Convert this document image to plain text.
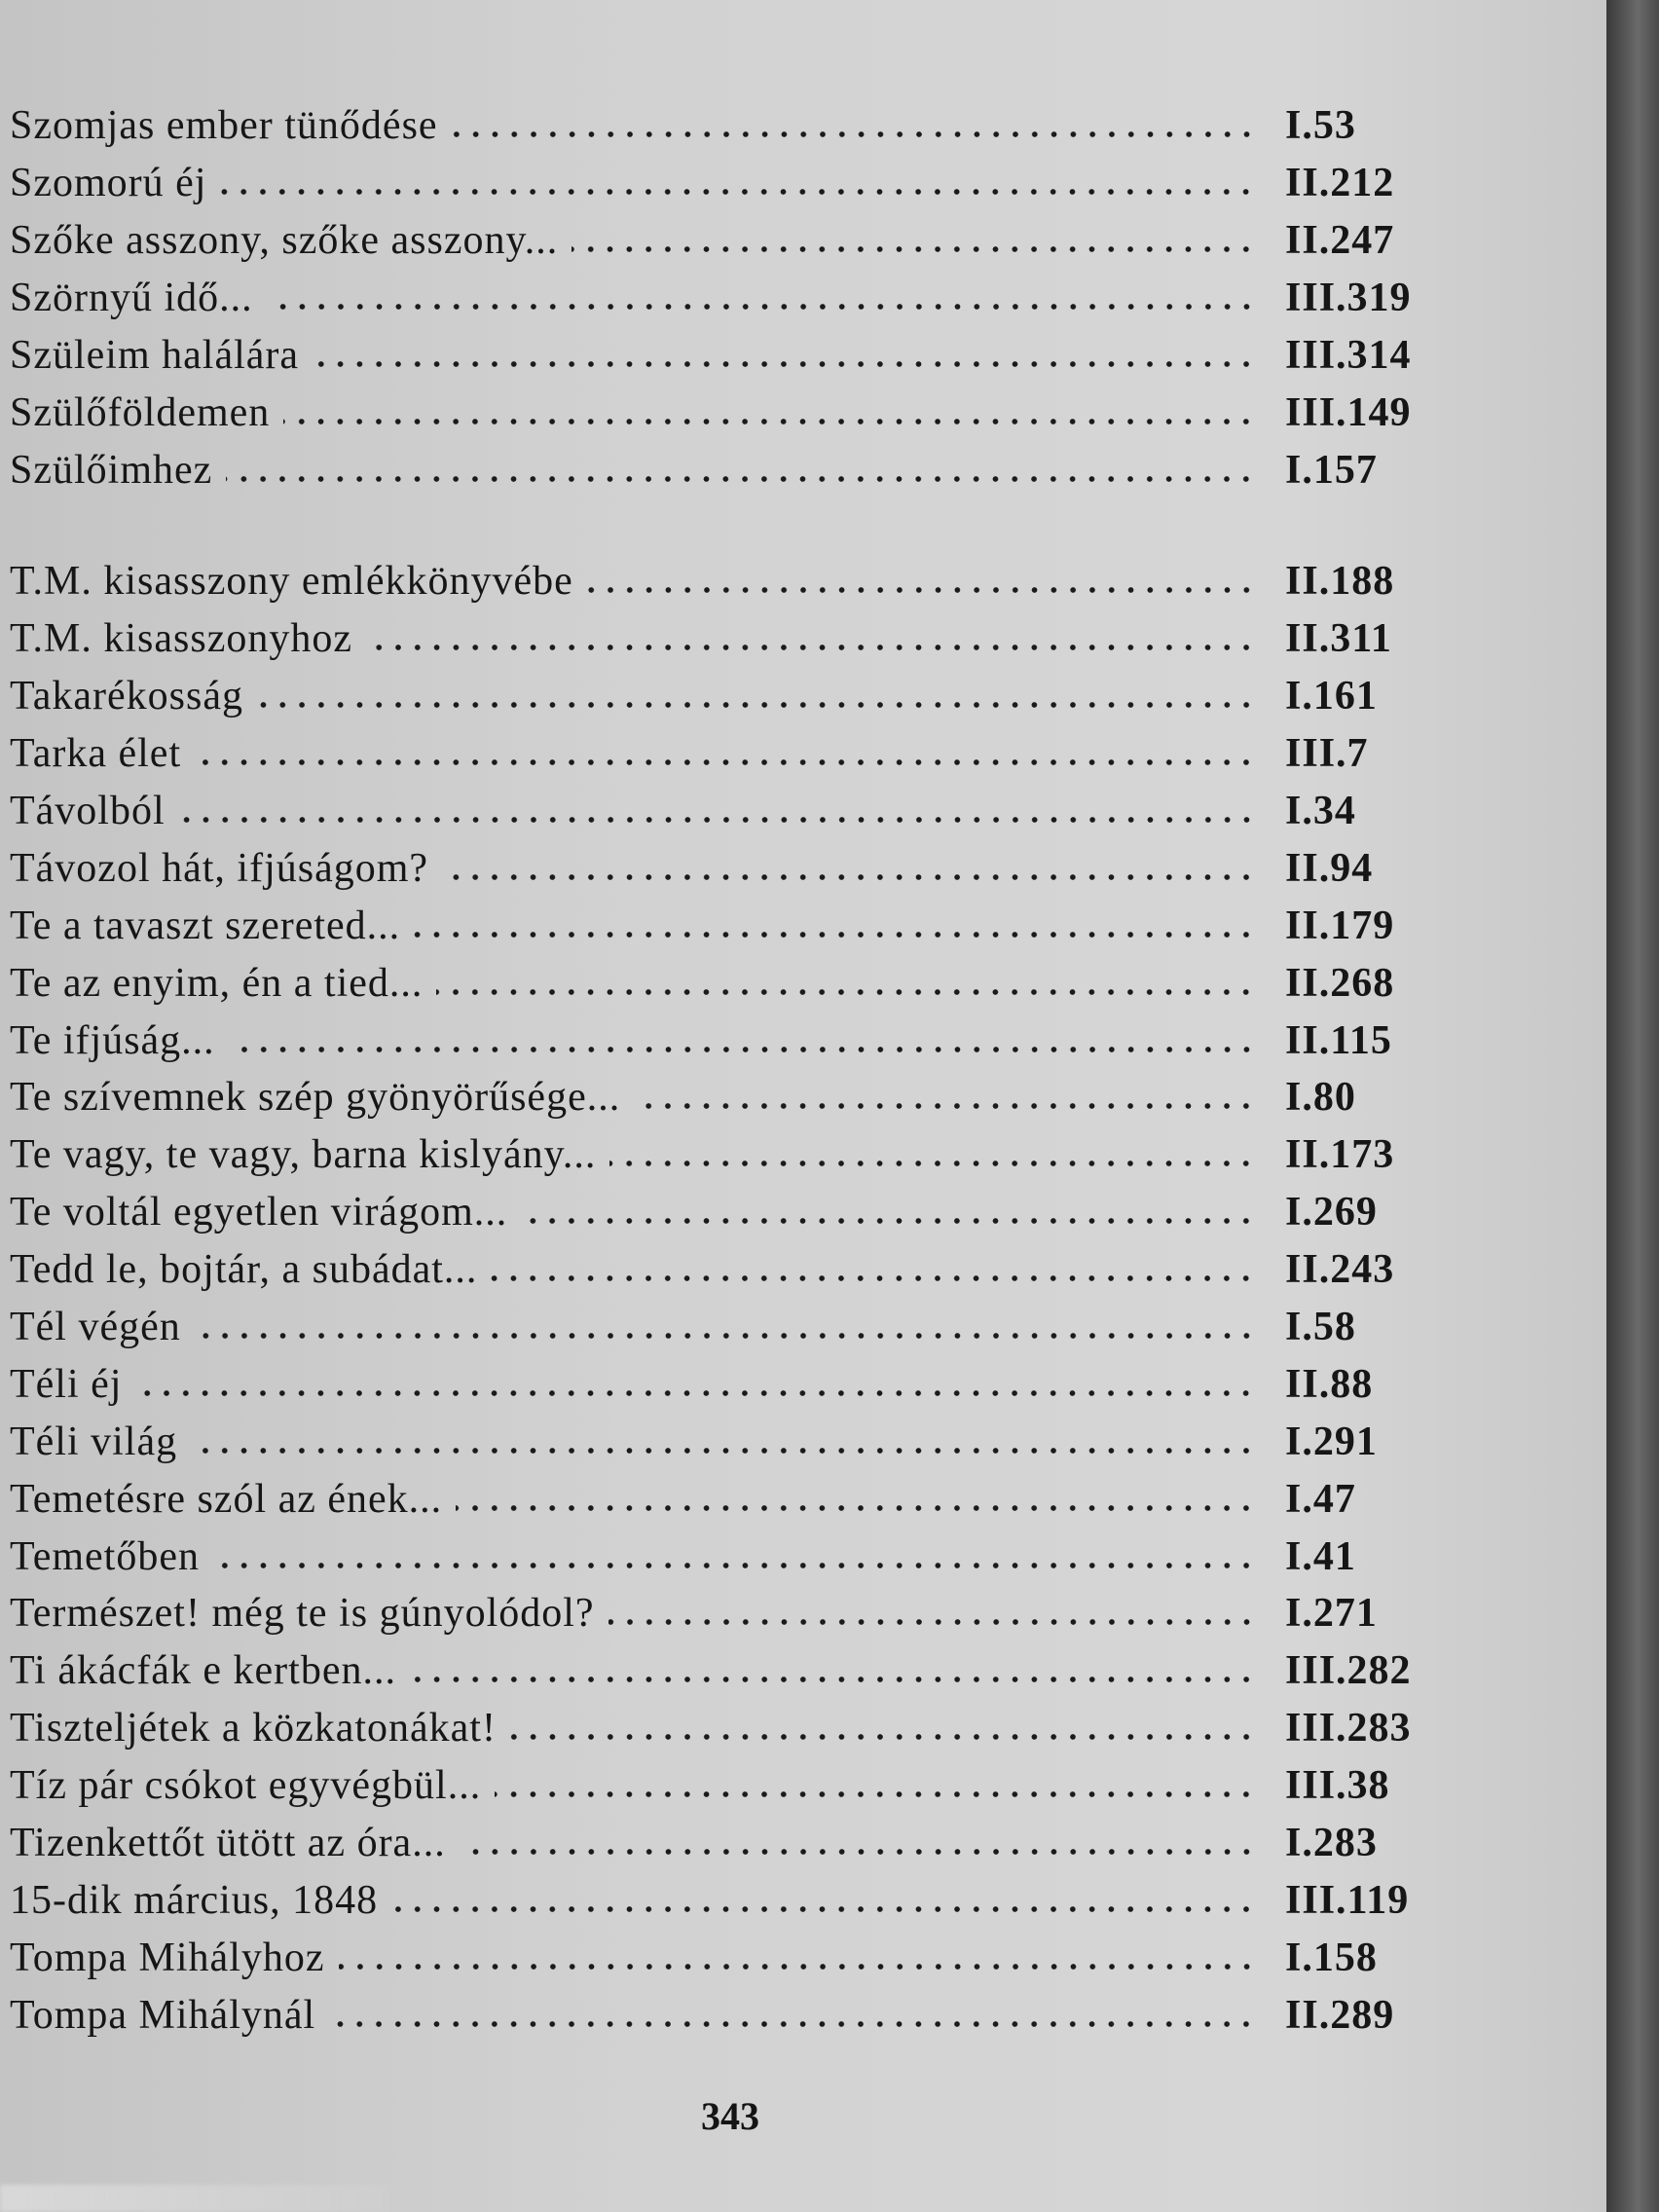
Szomjas ember tünődése	I.53
Szomorú éj	II.212
Szőke asszony, szőke asszony...	II.247
Szörnyű idő...	III.319
Szüleim halálára	III.314
Szülőföldemen	III.149
Szülőimhez	I.157
T.M. kisasszony emlékkönyvébe	II.188
T.M. kisasszonyhoz	II.311
Takarékosság	I.161
Tarka élet	III.7
Távolból	I.34
Távozol hát, ifjúságom?	II.94
Te a tavaszt szereted...	II.179
Te az enyim, én a tied...	II.268
Te ifjúság...	II.115
Te szívemnek szép gyönyörűsége...	I.80
Te vagy, te vagy, barna kislyány...	II.173
Te voltál egyetlen virágom...	I.269
Tedd le, bojtár, a subádat...	II.243
Tél végén	I.58
Téli éj	II.88
Téli világ	I.291
Temetésre szól az ének...	I.47
Temetőben	I.41
Természet! még te is gúnyolódol?	I.271
Ti ákácfák e kertben...	III.282
Tiszteljétek a közkatonákat!	III.283
Tíz pár csókot egyvégbül...	III.38
Tizenkettőt ütött az óra...	I.283
15-dik március, 1848	III.119
Tompa Mihályhoz	I.158
Tompa Mihálynál	II.289
343
